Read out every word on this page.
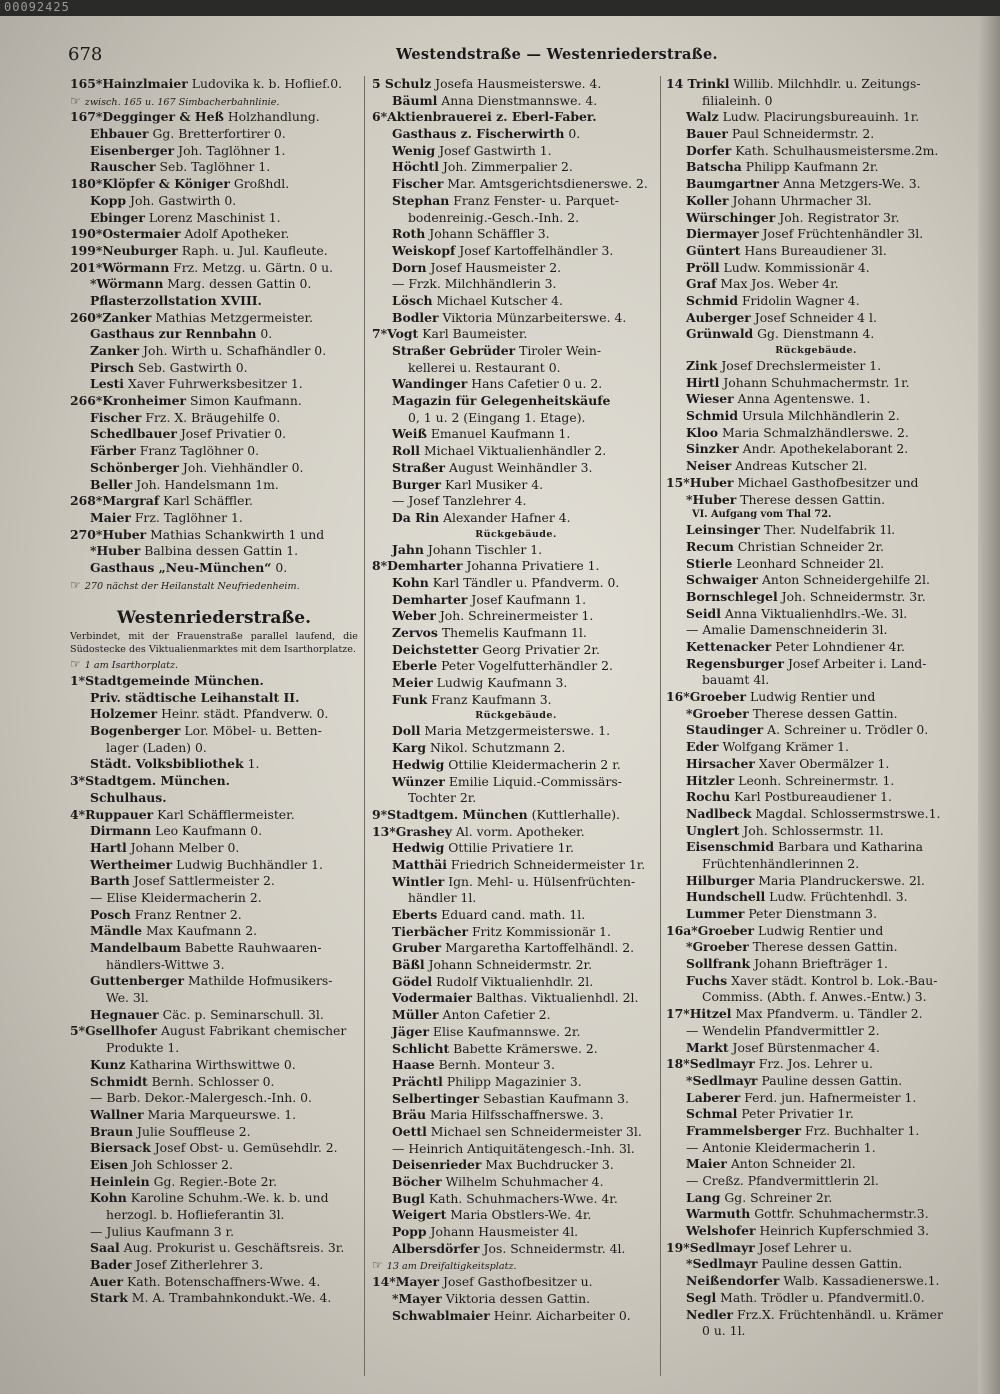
00092425
678	Westendstraße — Westenriederstraße.
165*Hainzlmaier Ludovika k. b. Hoflief.0.
☞ zwisch. 165 u. 167 Simbacherbahnlinie.
167*Degginger & Heß Holzhandlung.
Ehbauer Gg. Bretterfortirer 0.
Eisenberger Joh. Taglöhner 1.
Rauscher Seb. Taglöhner 1.
180*Klöpfer & Königer Großhdl.
Kopp Joh. Gastwirth 0.
Ebinger Lorenz Maschinist 1.
190*Ostermaier Adolf Apotheker.
199*Neuburger Raph. u. Jul. Kaufleute.
201*Wörmann Frz. Metzg. u. Gärtn. 0 u.
*Wörmann Marg. dessen Gattin 0.
Pflasterzollstation XVIII.
260*Zanker Mathias Metzgermeister.
Gasthaus zur Rennbahn 0.
Zanker Joh. Wirth u. Schafhändler 0.
Pirsch Seb. Gastwirth 0.
Lesti Xaver Fuhrwerksbesitzer 1.
266*Kronheimer Simon Kaufmann.
Fischer Frz. X. Bräugehilfe 0.
Schedlbauer Josef Privatier 0.
Färber Franz Taglöhner 0.
Schönberger Joh. Viehhändler 0.
Beller Joh. Handelsmann 1m.
268*Margraf Karl Schäffler.
Maier Frz. Taglöhner 1.
270*Huber Mathias Schankwirth 1 und
*Huber Balbina dessen Gattin 1.
Gasthaus „Neu-München“ 0.
☞ 270 nächst der Heilanstalt Neufriedenheim.
Westenriederstraße.
Verbindet, mit der Frauenstraße parallel laufend, die Südostecke des Viktualienmarktes mit dem Isarthorplatze.
☞ 1 am Isarthorplatz.
1*Stadtgemeinde München.
Priv. städtische Leihanstalt II.
Holzemer Heinr. städt. Pfandverw. 0.
Bogenberger Lor. Möbel- u. Betten-
lager (Laden) 0.
Städt. Volksbibliothek 1.
3*Stadtgem. München.
Schulhaus.
4*Ruppauer Karl Schäfflermeister.
Dirmann Leo Kaufmann 0.
Hartl Johann Melber 0.
Wertheimer Ludwig Buchhändler 1.
Barth Josef Sattlermeister 2.
— Elise Kleidermacherin 2.
Posch Franz Rentner 2.
Mändle Max Kaufmann 2.
Mandelbaum Babette Rauhwaaren-
händlers-Wittwe 3.
Guttenberger Mathilde Hofmusikers-
We. 3l.
Hegnauer Cäc. p. Seminarschull. 3l.
5*Gsellhofer August Fabrikant chemischer
Produkte 1.
Kunz Katharina Wirthswittwe 0.
Schmidt Bernh. Schlosser 0.
— Barb. Dekor.-Malergesch.-Inh. 0.
Wallner Maria Marqueurswe. 1.
Braun Julie Souffleuse 2.
Biersack Josef Obst- u. Gemüsehdlr. 2.
Eisen Joh Schlosser 2.
Heinlein Gg. Regier.-Bote 2r.
Kohn Karoline Schuhm.-We. k. b. und
herzogl. b. Hoflieferantin 3l.
— Julius Kaufmann 3 r.
Saal Aug. Prokurist u. Geschäftsreis. 3r.
Bader Josef Zitherlehrer 3.
Auer Kath. Botenschaffners-Wwe. 4.
Stark M. A. Trambahnkondukt.-We. 4.
5 Schulz Josefa Hausmeisterswe. 4.
Bäuml Anna Dienstmannswe. 4.
6*Aktienbrauerei z. Eberl-Faber.
Gasthaus z. Fischerwirth 0.
Wenig Josef Gastwirth 1.
Höchtl Joh. Zimmerpalier 2.
Fischer Mar. Amtsgerichtsdienerswe. 2.
Stephan Franz Fenster- u. Parquet-
bodenreinig.-Gesch.-Inh. 2.
Roth Johann Schäffler 3.
Weiskopf Josef Kartoffelhändler 3.
Dorn Josef Hausmeister 2.
— Frzk. Milchhändlerin 3.
Lösch Michael Kutscher 4.
Bodler Viktoria Münzarbeiterswe. 4.
7*Vogt Karl Baumeister.
Straßer Gebrüder Tiroler Wein-
kellerei u. Restaurant 0.
Wandinger Hans Cafetier 0 u. 2.
Magazin für Gelegenheitskäufe
0, 1 u. 2 (Eingang 1. Etage).
Weiß Emanuel Kaufmann 1.
Roll Michael Viktualienhändler 2.
Straßer August Weinhändler 3.
Burger Karl Musiker 4.
— Josef Tanzlehrer 4.
Da Rin Alexander Hafner 4.
Rückgebäude.
Jahn Johann Tischler 1.
8*Demharter Johanna Privatiere 1.
Kohn Karl Tändler u. Pfandverm. 0.
Demharter Josef Kaufmann 1.
Weber Joh. Schreinermeister 1.
Zervos Themelis Kaufmann 1l.
Deichstetter Georg Privatier 2r.
Eberle Peter Vogelfutterhändler 2.
Meier Ludwig Kaufmann 3.
Funk Franz Kaufmann 3.
Rückgebäude.
Doll Maria Metzgermeisterswe. 1.
Karg Nikol. Schutzmann 2.
Hedwig Ottilie Kleidermacherin 2 r.
Wünzer Emilie Liquid.-Commissärs-
Tochter 2r.
9*Stadtgem. München (Kuttlerhalle).
13*Grashey Al. vorm. Apotheker.
Hedwig Ottilie Privatiere 1r.
Matthäi Friedrich Schneidermeister 1r.
Wintler Ign. Mehl- u. Hülsenfrüchten-
händler 1l.
Eberts Eduard cand. math. 1l.
Tierbächer Fritz Kommissionär 1.
Gruber Margaretha Kartoffelhändl. 2.
Bäßl Johann Schneidermstr. 2r.
Gödel Rudolf Viktualienhdlr. 2l.
Vodermaier Balthas. Viktualienhdl. 2l.
Müller Anton Cafetier 2.
Jäger Elise Kaufmannswe. 2r.
Schlicht Babette Krämerswe. 2.
Haase Bernh. Monteur 3.
Prächtl Philipp Magazinier 3.
Selbertinger Sebastian Kaufmann 3.
Bräu Maria Hilfsschaffnerswe. 3.
Oettl Michael sen Schneidermeister 3l.
— Heinrich Antiquitätengesch.-Inh. 3l.
Deisenrieder Max Buchdrucker 3.
Böcher Wilhelm Schuhmacher 4.
Bugl Kath. Schuhmachers-Wwe. 4r.
Weigert Maria Obstlers-We. 4r.
Popp Johann Hausmeister 4l.
Albersdörfer Jos. Schneidermstr. 4l.
☞ 13 am Dreifaltigkeitsplatz.
14*Mayer Josef Gasthofbesitzer u.
*Mayer Viktoria dessen Gattin.
Schwablmaier Heinr. Aicharbeiter 0.
14 Trinkl Willib. Milchhdlr. u. Zeitungs-
filialeinh. 0
Walz Ludw. Placirungsbureauinh. 1r.
Bauer Paul Schneidermstr. 2.
Dorfer Kath. Schulhausmeistersme.2m.
Batscha Philipp Kaufmann 2r.
Baumgartner Anna Metzgers-We. 3.
Koller Johann Uhrmacher 3l.
Würschinger Joh. Registrator 3r.
Diermayer Josef Früchtenhändler 3l.
Güntert Hans Bureaudiener 3l.
Pröll Ludw. Kommissionär 4.
Graf Max Jos. Weber 4r.
Schmid Fridolin Wagner 4.
Auberger Josef Schneider 4 l.
Grünwald Gg. Dienstmann 4.
Rückgebäude.
Zink Josef Drechslermeister 1.
Hirtl Johann Schuhmachermstr. 1r.
Wieser Anna Agentenswe. 1.
Schmid Ursula Milchhändlerin 2.
Kloo Maria Schmalzhändlerswe. 2.
Sinzker Andr. Apothekelaborant 2.
Neiser Andreas Kutscher 2l.
15*Huber Michael Gasthofbesitzer und
*Huber Therese dessen Gattin.
VI. Aufgang vom Thal 72.
Leinsinger Ther. Nudelfabrik 1l.
Recum Christian Schneider 2r.
Stierle Leonhard Schneider 2l.
Schwaiger Anton Schneidergehilfe 2l.
Bornschlegel Joh. Schneidermstr. 3r.
Seidl Anna Viktualienhdlrs.-We. 3l.
— Amalie Damenschneiderin 3l.
Kettenacker Peter Lohndiener 4r.
Regensburger Josef Arbeiter i. Land-
bauamt 4l.
16*Groeber Ludwig Rentier und
*Groeber Therese dessen Gattin.
Staudinger A. Schreiner u. Trödler 0.
Eder Wolfgang Krämer 1.
Hirsacher Xaver Obermälzer 1.
Hitzler Leonh. Schreinermstr. 1.
Rochu Karl Postbureaudiener 1.
Nadlbeck Magdal. Schlossermstrswe.1.
Unglert Joh. Schlossermstr. 1l.
Eisenschmid Barbara und Katharina
Früchtenhändlerinnen 2.
Hilburger Maria Plandruckerswe. 2l.
Hundschell Ludw. Früchtenhdl. 3.
Lummer Peter Dienstmann 3.
16a*Groeber Ludwig Rentier und
*Groeber Therese dessen Gattin.
Sollfrank Johann Briefträger 1.
Fuchs Xaver städt. Kontrol b. Lok.-Bau-
Commiss. (Abth. f. Anwes.-Entw.) 3.
17*Hitzel Max Pfandverm. u. Tändler 2.
— Wendelin Pfandvermittler 2.
Markt Josef Bürstenmacher 4.
18*Sedlmayr Frz. Jos. Lehrer u.
*Sedlmayr Pauline dessen Gattin.
Laberer Ferd. jun. Hafnermeister 1.
Schmal Peter Privatier 1r.
Frammelsberger Frz. Buchhalter 1.
— Antonie Kleidermacherin 1.
Maier Anton Schneider 2l.
— Creßz. Pfandvermittlerin 2l.
Lang Gg. Schreiner 2r.
Warmuth Gottfr. Schuhmachermstr.3.
Welshofer Heinrich Kupferschmied 3.
19*Sedlmayr Josef Lehrer u.
*Sedlmayr Pauline dessen Gattin.
Neißendorfer Walb. Kassadienerswe.1.
Segl Math. Trödler u. Pfandvermitl.0.
Nedler Frz.X. Früchtenhändl. u. Krämer
0 u. 1l.
